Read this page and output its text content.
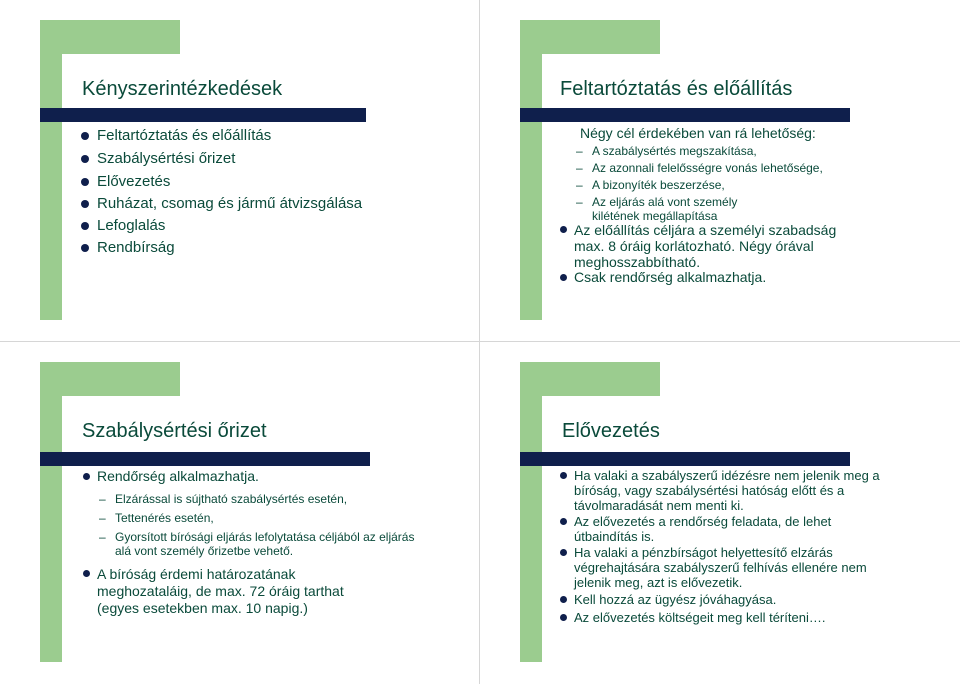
Kényszerintézkedések
Feltartóztatás és előállítás
Szabálysértési őrizet
Elővezetés
Ruházat, csomag és jármű átvizsgálása
Lefoglalás
Rendbírság
Feltartóztatás és előállítás
Négy cél érdekében van rá lehetőség:
– A szabálysértés megszakítása,
– Az azonnali felelősségre vonás lehetősége,
– A bizonyíték beszerzése,
– Az eljárás alá vont személy kilétének megállapítása
Az előállítás céljára a személyi szabadság max. 8 óráig korlátozható. Négy órával meghosszabbítható.
Csak rendőrség alkalmazhatja.
Szabálysértési őrizet
Rendőrség alkalmazhatja.
– Elzárással is sújtható szabálysértés esetén,
– Tettenérés esetén,
– Gyorsított bírósági eljárás lefolytatása céljából az eljárás alá vont személy őrizetbe vehető.
A bíróság érdemi határozatának meghozataláig, de max. 72 óráig tarthat (egyes esetekben max. 10 napig.)
Elővezetés
Ha valaki a szabályszerű idézésre nem jelenik meg a bíróság, vagy szabálysértési hatóság előtt és a távolmaradását nem menti ki.
Az elővezetés a rendőrség feladata, de lehet útbaindítás is.
Ha valaki a pénzbírságot helyettesítő elzárás végrehajtására szabályszerű felhívás ellenére nem jelenik meg, azt is elővezetik.
Kell hozzá az ügyész jóváhagyása.
Az elővezetés költségeit meg kell téríteni….
